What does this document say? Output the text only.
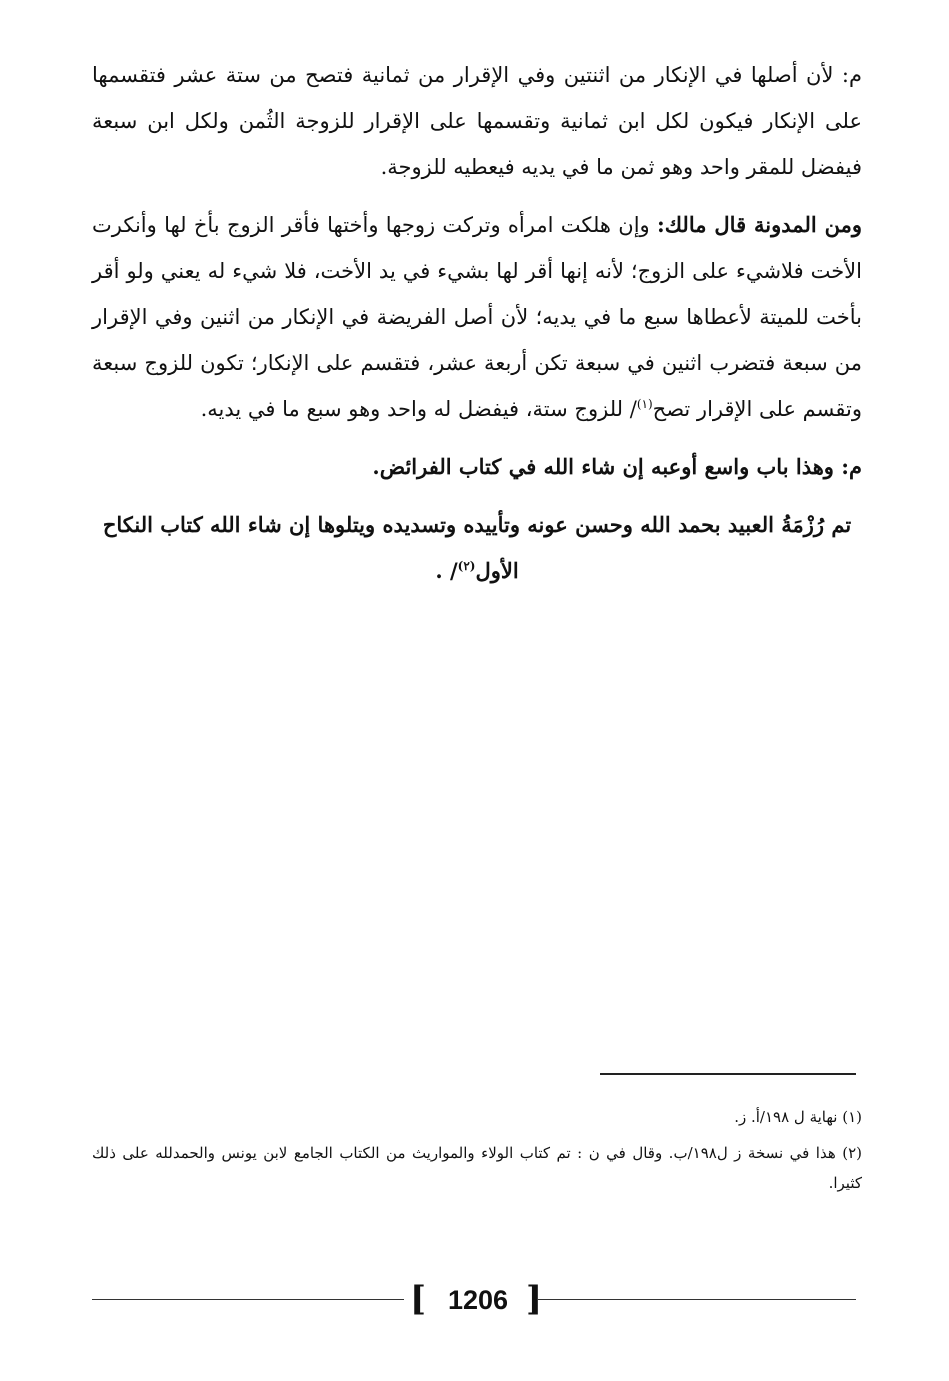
م: لأن أصلها في الإنكار من اثنتين وفي الإقرار من ثمانية فتصح من ستة عشر فتقسمها على الإنكار فيكون لكل ابن ثمانية وتقسمها على الإقرار للزوجة الثُمن ولكل ابن سبعة فيفضل للمقر واحد وهو ثمن ما في يديه فيعطيه للزوجة.

ومن المدونة قال مالك: وإن هلكت امرأه وتركت زوجها وأختها فأقر الزوج بأخ لها وأنكرت الأخت فلاشيء على الزوج؛ لأنه إنها أقر لها بشيء في يد الأخت، فلا شيء له يعني ولو أقر بأخت للميتة لأعطاها سبع ما في يديه؛ لأن أصل الفريضة في الإنكار من اثنين وفي الإقرار من سبعة فتضرب اثنين في سبعة تكن أربعة عشر، فتقسم على الإنكار؛ تكون للزوج سبعة وتقسم على الإقرار تصح$^{(١)}$/ للزوج ستة، فيفضل له واحد وهو سبع ما في يديه.

م: وهذا باب واسع أوعبه إن شاء الله في كتاب الفرائض.

تم رُزْمَةُ العبيد بحمد الله وحسن عونه وتأييده وتسديده ويتلوها إن شاء الله كتاب النكاح الأول$^{(٢)}$/ .

(١) نهاية ل ١٩٨/أ. ز.

(٢) هذا في نسخة ز ل١٩٨/ب. وقال في ن : تم كتاب الولاء والمواريث من الكتاب الجامع لابن يونس والحمدلله على ذلك كثيرا.

[ 1206 ]
